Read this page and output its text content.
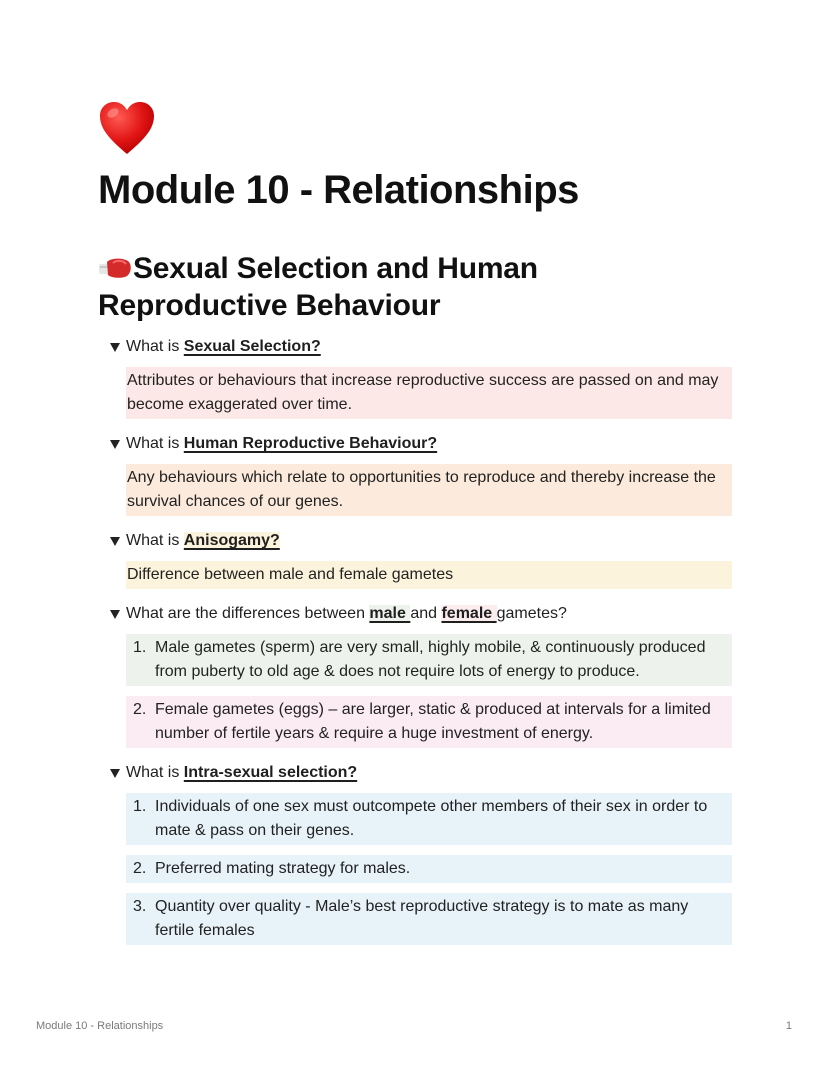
Module 10 - Relationships
Sexual Selection and Human Reproductive Behaviour
What is Sexual Selection?
Attributes or behaviours that increase reproductive success are passed on and may become exaggerated over time.
What is Human Reproductive Behaviour?
Any behaviours which relate to opportunities to reproduce and thereby increase the survival chances of our genes.
What is Anisogamy?
Difference between male and female gametes
What are the differences between male and female gametes?
1. Male gametes (sperm) are very small, highly mobile, & continuously produced from puberty to old age & does not require lots of energy to produce.
2. Female gametes (eggs) – are larger, static & produced at intervals for a limited number of fertile years & require a huge investment of energy.
What is Intra-sexual selection?
1. Individuals of one sex must outcompete other members of their sex in order to mate & pass on their genes.
2. Preferred mating strategy for males.
3. Quantity over quality - Male’s best reproductive strategy is to mate as many fertile females
Module 10 - Relationships	1
